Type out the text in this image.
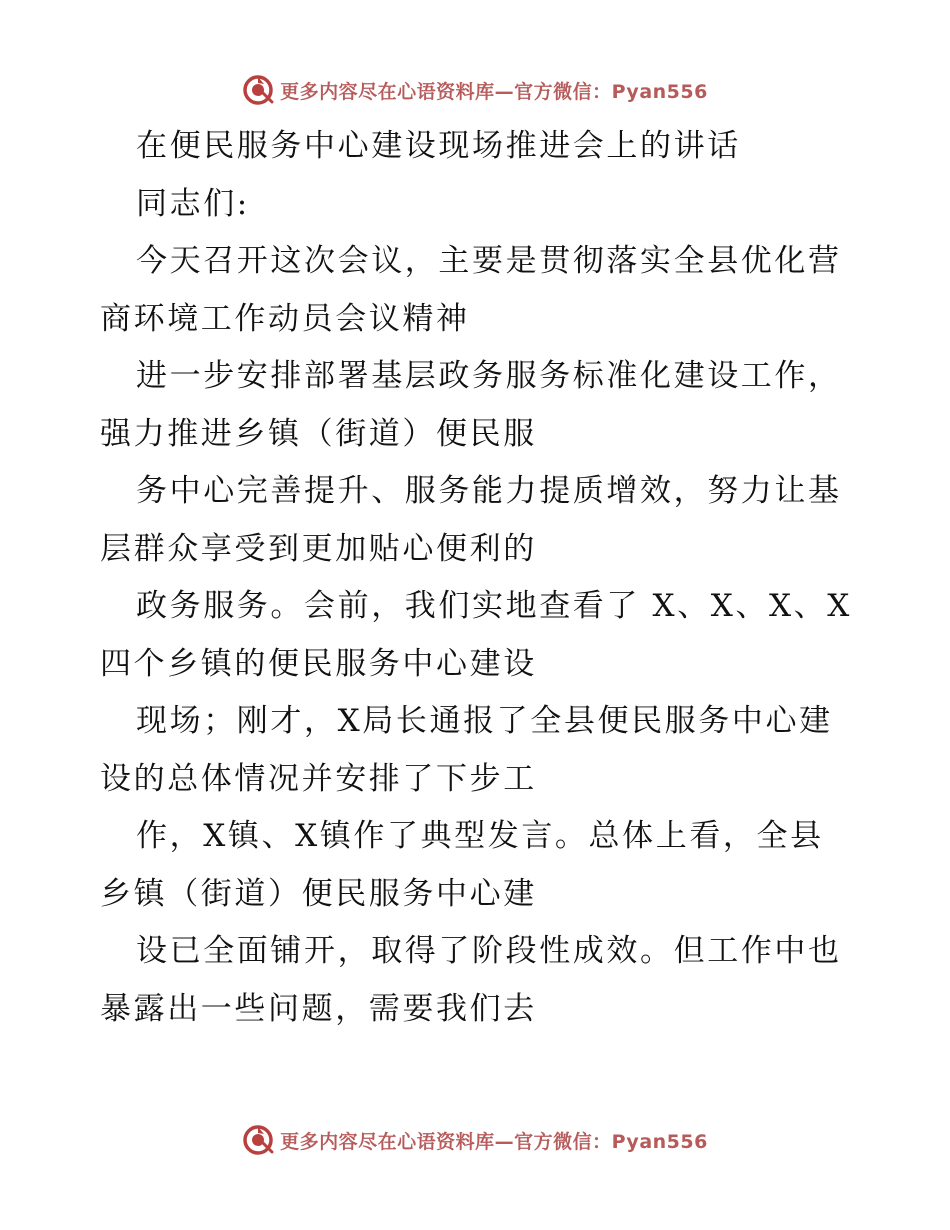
更多内容尽在心语资料库—官方微信：Pyan556
在便民服务中心建设现场推进会上的讲话
同志们:
今天召开这次会议，主要是贯彻落实全县优化营
商环境工作动员会议精神
进一步安排部署基层政务服务标准化建设工作，
强力推进乡镇（街道）便民服
务中心完善提升、服务能力提质增效，努力让基
层群众享受到更加贴心便利的
政务服务。会前，我们实地查看了 X、X、X、X
四个乡镇的便民服务中心建设
现场；刚才，X局长通报了全县便民服务中心建
设的总体情况并安排了下步工
作，X镇、X镇作了典型发言。总体上看，全县
乡镇（街道）便民服务中心建
设已全面铺开，取得了阶段性成效。但工作中也
暴露出一些问题，需要我们去
更多内容尽在心语资料库—官方微信：Pyan556
